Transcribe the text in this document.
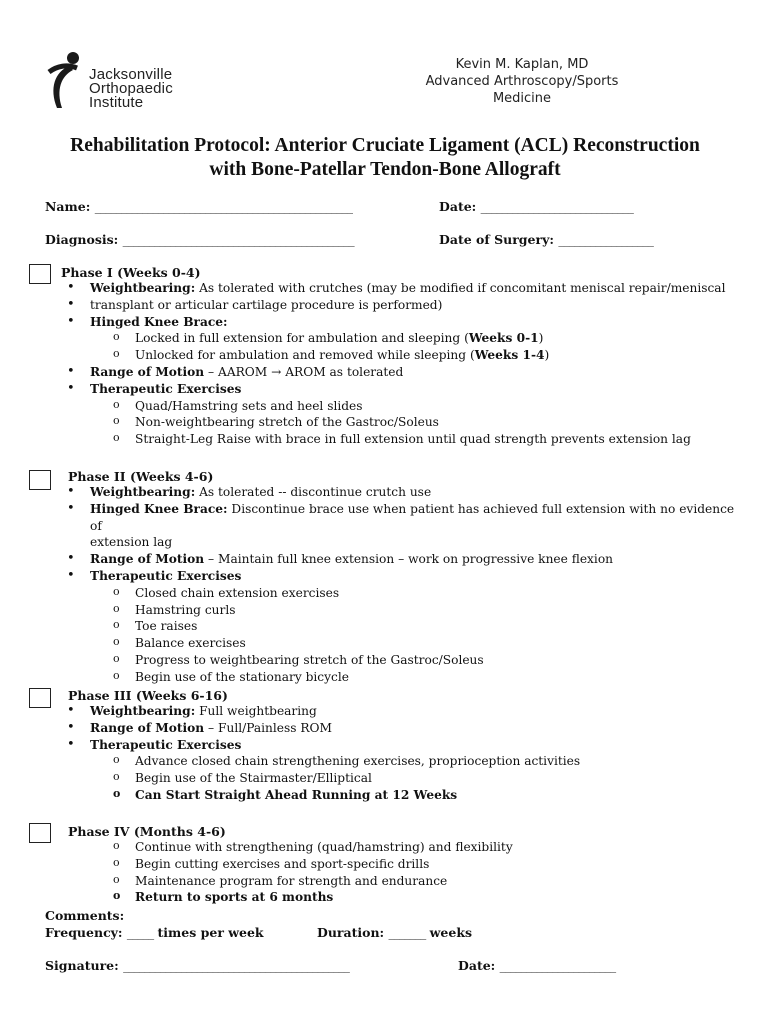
Jacksonville
Orthopaedic
Institute
Kevin M. Kaplan, MD
Advanced Arthroscopy/Sports
Medicine
Rehabilitation Protocol: Anterior Cruciate Ligament (ACL) Reconstruction
with Bone-Patellar Tendon-Bone Allograft
Name: _________________________________________________	Date: _____________________________
Diagnosis: ____________________________________________	Date of Surgery: __________________
Phase I (Weeks 0-4)
• Weightbearing: As tolerated with crutches (may be modified if concomitant meniscal repair/meniscal
• transplant or articular cartilage procedure is performed)
• Hinged Knee Brace:
o Locked in full extension for ambulation and sleeping (Weeks 0-1)
o Unlocked for ambulation and removed while sleeping (Weeks 1-4)
• Range of Motion – AAROM → AROM as tolerated
• Therapeutic Exercises
o Quad/Hamstring sets and heel slides
o Non-weightbearing stretch of the Gastroc/Soleus
o Straight-Leg Raise with brace in full extension until quad strength prevents extension lag
Phase II (Weeks 4-6)
• Weightbearing: As tolerated -- discontinue crutch use
• Hinged Knee Brace: Discontinue brace use when patient has achieved full extension with no evidence of
extension lag
• Range of Motion – Maintain full knee extension – work on progressive knee flexion
• Therapeutic Exercises
o Closed chain extension exercises
o Hamstring curls
o Toe raises
o Balance exercises
o Progress to weightbearing stretch of the Gastroc/Soleus
o Begin use of the stationary bicycle
Phase III (Weeks 6-16)
• Weightbearing: Full weightbearing
• Range of Motion – Full/Painless ROM
• Therapeutic Exercises
o Advance closed chain strengthening exercises, proprioception activities
o Begin use of the Stairmaster/Elliptical
o Can Start Straight Ahead Running at 12 Weeks
Phase IV (Months 4-6)
o Continue with strengthening (quad/hamstring) and flexibility
o Begin cutting exercises and sport-specific drills
o Maintenance program for strength and endurance
o Return to sports at 6 months
Comments:
Frequency: _____ times per week	Duration: _______ weeks
Signature: ___________________________________________	Date: ______________________
